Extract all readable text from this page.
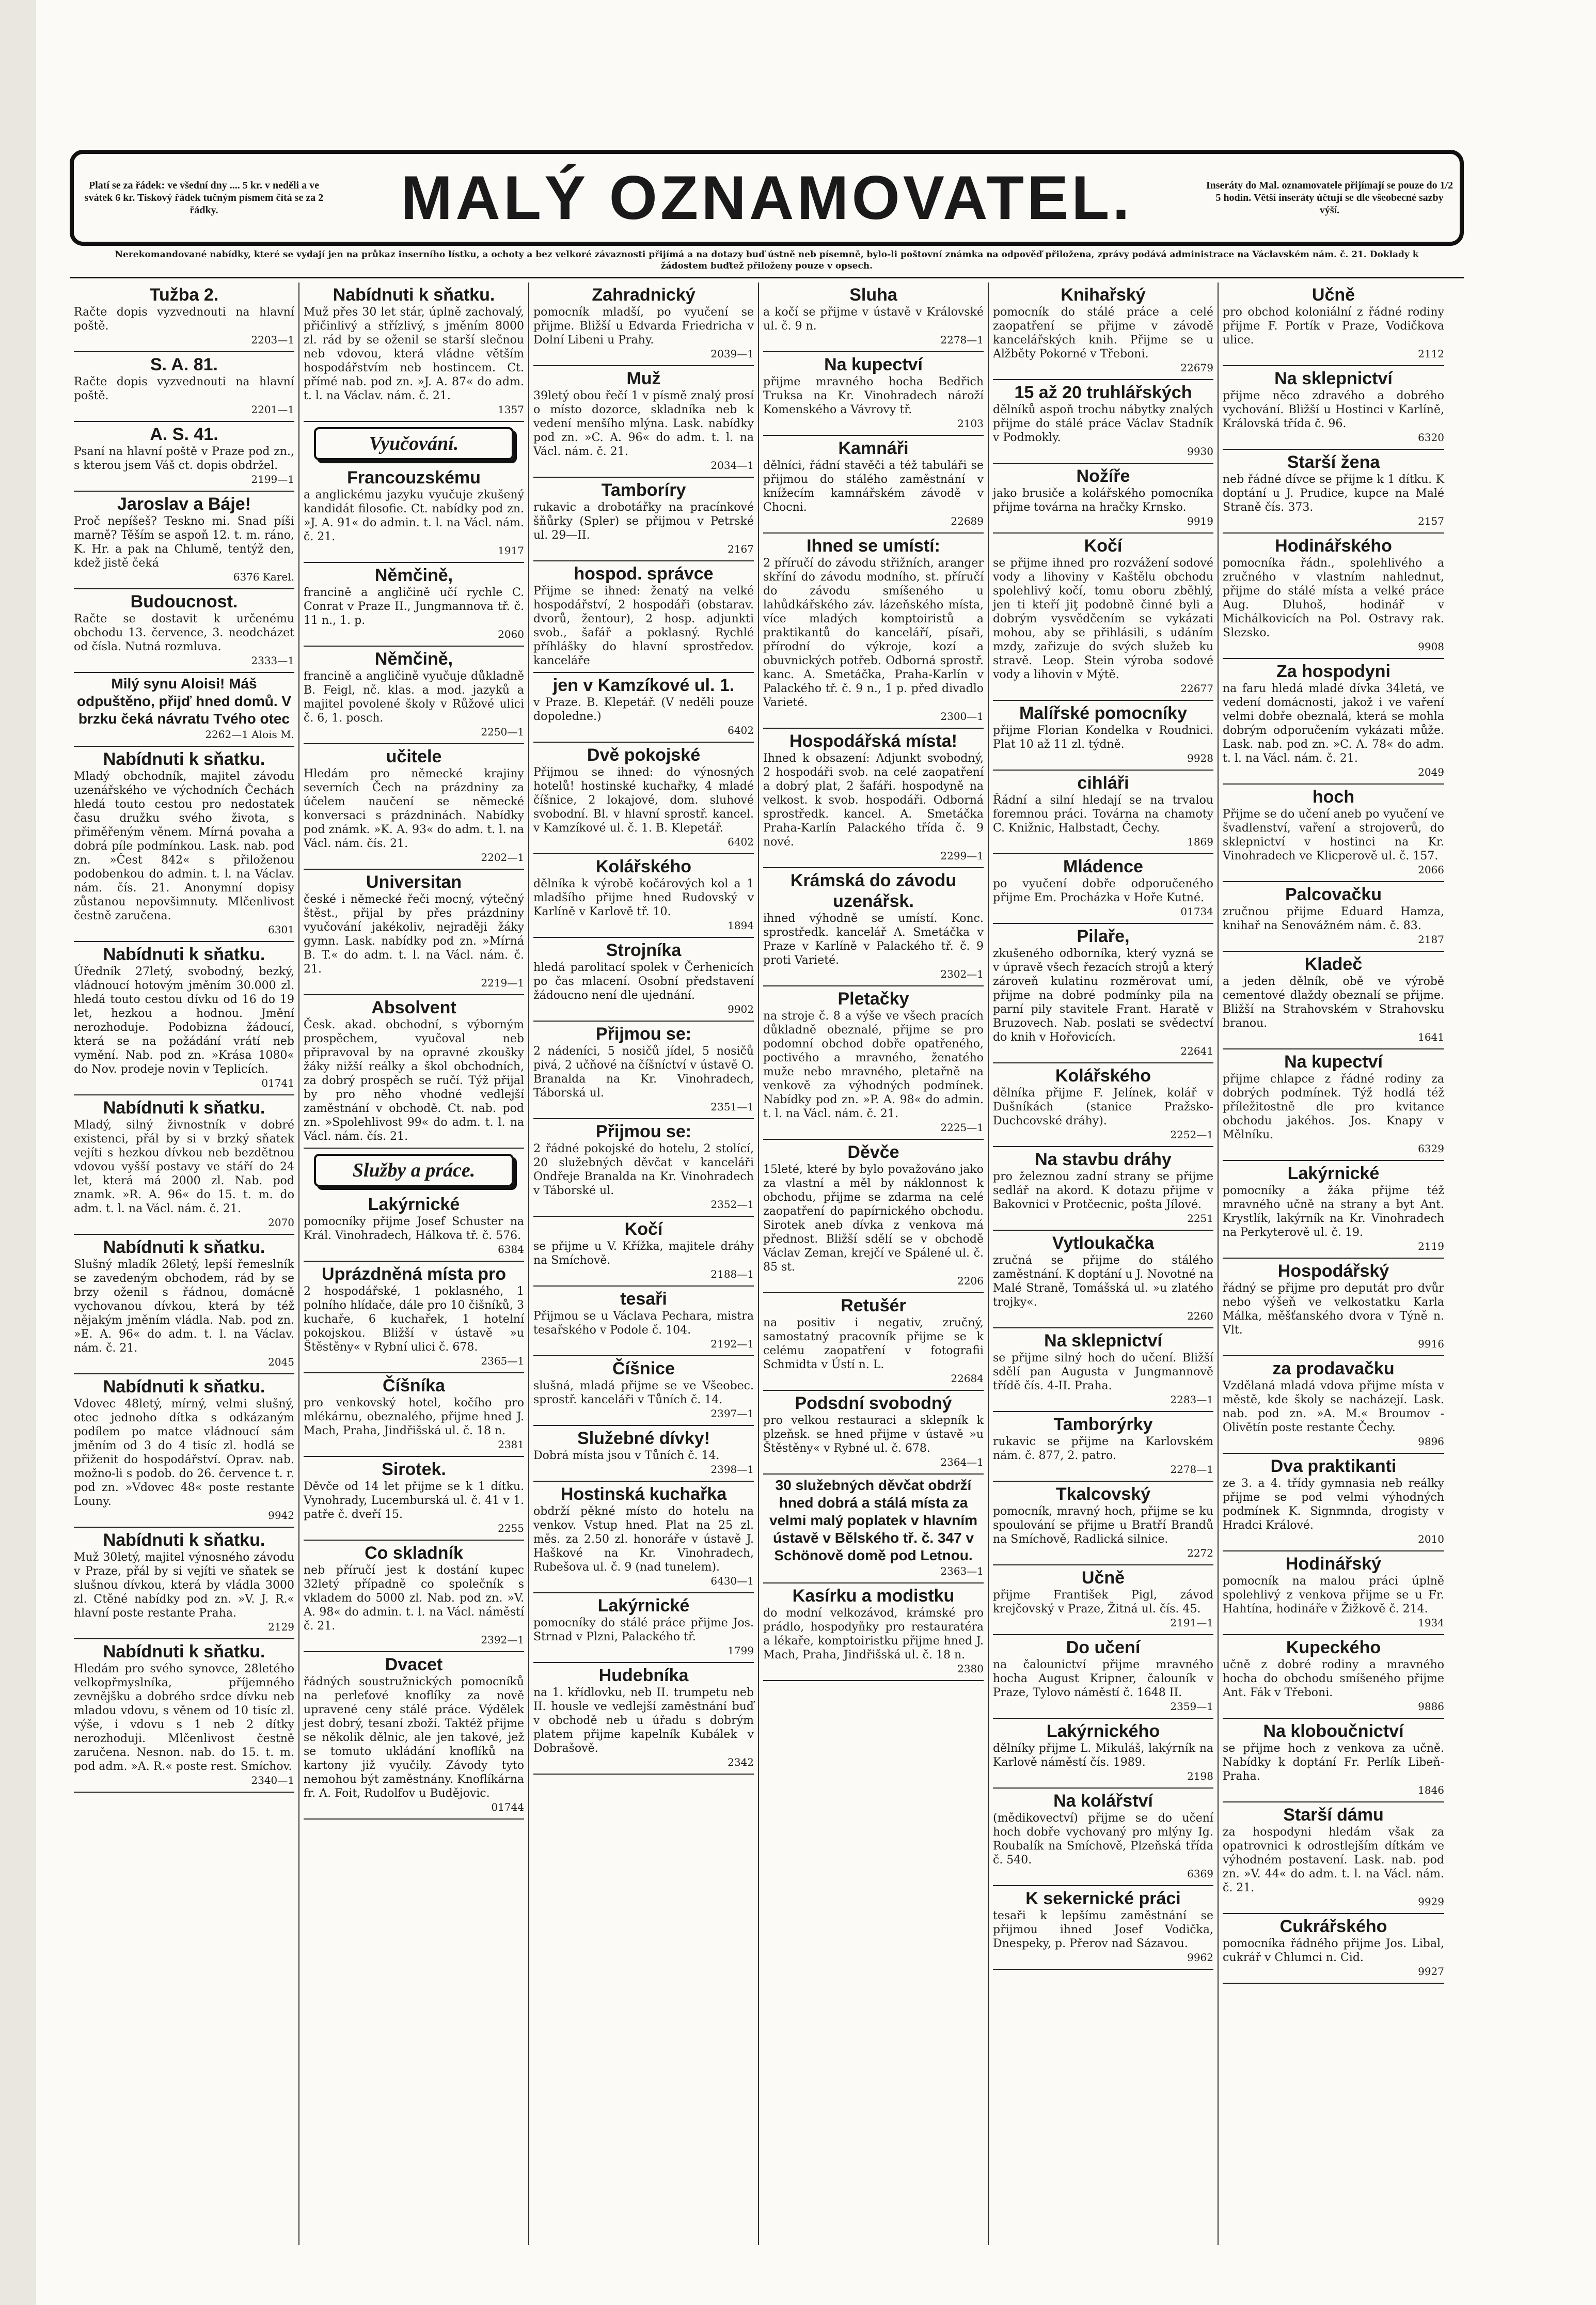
Platí se za řádek: ve všední dny .... 5 kr. v neděli a ve svátek 6 kr. Tiskový řádek tučným písmem čítá se za 2 řádky.	MALÝ OZNAMOVATEL.	Inseráty do Mal. oznamovatele přijímají se pouze do 1/2 5 hodin. Větší inseráty účtují se dle všeobecné sazby výší.
Nerekomandované nabídky, které se vydají jen na průkaz inserního lístku, a ochoty a bez velkoré závaznosti přijímá a na dotazy buď ústně neb písemně, bylo-li poštovní známka na odpověď přiložena, zprávy podává administrace na Václavském nám. č. 21. Doklady k žádostem buďtež přiloženy pouze v opsech.
Tužba 2.
Račte dopis vyzvednouti na hlavní poště.
2203—1
S. A. 81.
Račte dopis vyzvednouti na hlavní poště.
2201—1
A. S. 41.
Psaní na hlavní poště v Praze pod zn., s kterou jsem Váš ct. dopis obdržel.
2199—1
Jaroslav a Báje!
Proč nepíšeš? Teskno mi. Snad píši marně? Těším se aspoň 12. t. m. ráno, K. Hr. a pak na Chlumě, tentýž den, kdež jistě čeká
6376 Karel.
Budoucnost.
Račte se dostavit k určenému obchodu 13. července, 3. neodcházet od čísla. Nutná rozmluva.
2333—1
Milý synu Aloisi! Máš odpuštěno, přijď hned domů. V brzku čeká návratu Tvého otec
2262—1 Alois M.
Nabídnuti k sňatku.
Mladý obchodník, majitel závodu uzenářského ve východních Čechách hledá touto cestou pro nedostatek času družku svého života, s přiměřeným věnem. Mírná povaha a dobrá píle podmínkou. Lask. nab. pod zn. »Čest 842« s přiloženou podobenkou do admin. t. l. na Václav. nám. čís. 21. Anonymní dopisy zůstanou nepovšimnuty. Mlčenlivost čestně zaručena.
6301
Nabídnuti k sňatku.
Úředník 27letý, svobodný, bezký, vládnoucí hotovým jměním 30.000 zl. hledá touto cestou dívku od 16 do 19 let, hezkou a hodnou. Jmění nerozhoduje. Podobizna žádoucí, která se na požádání vrátí neb vymění. Nab. pod zn. »Krása 1080« do Nov. prodeje novin v Teplicích.
01741
Nabídnuti k sňatku.
Mladý, silný živnostník v dobré existenci, přál by si v brzký sňatek vejíti s hezkou dívkou neb bezdětnou vdovou vyšší postavy ve stáří do 24 let, která má 2000 zl. Nab. pod znamk. »R. A. 96« do 15. t. m. do adm. t. l. na Václ. nám. č. 21.
2070
Nabídnuti k sňatku.
Slušný mladík 26letý, lepší řemeslník se zavedeným obchodem, rád by se brzy oženil s řádnou, domácně vychovanou dívkou, která by též nějakým jměním vládla. Nab. pod zn. »E. A. 96« do adm. t. l. na Václav. nám. č. 21.
2045
Nabídnuti k sňatku.
Vdovec 48letý, mírný, velmi slušný, otec jednoho dítka s odkázaným podílem po matce vládnoucí sám jměním od 3 do 4 tisíc zl. hodlá se přiženit do hospodářství. Oprav. nab. možno-li s podob. do 26. července t. r. pod zn. »Vdovec 48« poste restante Louny.
9942
Nabídnuti k sňatku.
Muž 30letý, majitel výnosného závodu v Praze, přál by si vejíti ve sňatek se slušnou dívkou, která by vládla 3000 zl. Ctěné nabídky pod zn. »V. J. R.« hlavní poste restante Praha.
2129
Nabídnuti k sňatku.
Hledám pro svého synovce, 28letého velkopřmyslníka, příjemného zevnějšku a dobrého srdce dívku neb mladou vdovu, s věnem od 10 tisíc zl. výše, i vdovu s 1 neb 2 dítky nerozhoduji. Mlčenlivost čestně zaručena. Nesnon. nab. do 15. t. m. pod adm. »A. R.« poste rest. Smíchov.
2340—1
Nabídnuti k sňatku.
Muž přes 30 let stár, úplně zachovalý, přičinlivý a střízlivý, s jměním 8000 zl. rád by se oženil se starší slečnou neb vdovou, která vládne větším hospodářstvím neb hostincem. Ct. přímé nab. pod zn. »J. A. 87« do adm. t. l. na Václav. nám. č. 21.
1357
Vyučování.
Francouzskému
a anglickému jazyku vyučuje zkušený kandidát filosofie. Ct. nabídky pod zn. »J. A. 91« do admin. t. l. na Václ. nám. č. 21.
1917
Němčině,
francině a angličině učí rychle C. Conrat v Praze II., Jungmannova tř. č. 11 n., 1. p.
2060
Němčině,
francině a angličině vyučuje důkladně B. Feigl, nč. klas. a mod. jazyků a majitel povolené školy v Růžové ulici č. 6, 1. posch.
2250—1
učitele
Hledám pro německé krajiny severních Čech na prázdniny za účelem naučení se německé konversaci s prázdninách. Nabídky pod známk. »K. A. 93« do adm. t. l. na Václ. nám. čís. 21.
2202—1
Universitan
české i německé řeči mocný, výtečný štěst., přijal by přes prázdniny vyučování jakékoliv, nejraději žáky gymn. Lask. nabídky pod zn. »Mírná B. T.« do adm. t. l. na Václ. nám. č. 21.
2219—1
Absolvent
Česk. akad. obchodní, s výborným prospěchem, vyučoval neb připravoval by na opravné zkoušky žáky nižší reálky a škol obchodních, za dobrý prospěch se ručí. Týž přijal by pro něho vhodné vedlejší zaměstnání v obchodě. Ct. nab. pod zn. »Spolehlivost 99« do adm. t. l. na Václ. nám. čís. 21.
Služby a práce.
Lakýrnické
pomocníky přijme Josef Schuster na Král. Vinohradech, Hálkova tř. č. 576.
6384
Uprázdněná místa pro
2 hospodářské, 1 poklasného, 1 polního hlídače, dále pro 10 čišníků, 3 kuchaře, 6 kuchařek, 1 hotelní pokojskou. Bližší v ústavě »u Štěstěny« v Rybní ulici č. 678.
2365—1
Číšníka
pro venkovský hotel, kočího pro mlékárnu, obeznalého, přijme hned J. Mach, Praha, Jindřišská ul. č. 18 n.
2381
Sirotek.
Děvče od 14 let přijme se k 1 dítku. Vynohrady, Lucemburská ul. č. 41 v 1. patře č. dveří 15.
2255
Co skladník
neb příručí jest k dostání kupec 32letý případně co společník s vkladem do 5000 zl. Nab. pod zn. »V. A. 98« do admin. t. l. na Václ. náměstí č. 21.
2392—1
Dvacet
řádných soustružnických pomocníků na perleťové knoflíky za nově upravené ceny stálé práce. Výdělek jest dobrý, tesaní zboží. Taktéž přijme se několik dělnic, ale jen takové, jež se tomuto ukládání knoflíků na kartony již vyučily. Závody tyto nemohou být zaměstnány. Knoflíkárna fr. A. Foit, Rudolfov u Budějovic.
01744
Zahradnický
pomocník mladší, po vyučení se přijme. Bližší u Edvarda Friedricha v Dolní Libeni u Prahy.
2039—1
Muž
39letý obou řečí 1 v písmě znalý prosí o místo dozorce, skladníka neb k vedení menšího mlýna. Lask. nabídky pod zn. »C. A. 96« do adm. t. l. na Václ. nám. č. 21.
2034—1
Tamboríry
rukavic a drobotářky na pracínkové šňůrky (Spler) se přijmou v Petrské ul. 29—II.
2167
hospod. správce
Přijme se ihned: ženatý na velké hospodářství, 2 hospodáři (obstarav. dvorů, žentour), 2 hosp. adjunkti svob., šafář a poklasný. Rychlé příhlášky do hlavní sprostředov. kanceláře
jen v Kamzíkové ul. 1.
v Praze. B. Klepetář. (V neděli pouze dopoledne.)
6402
Dvě pokojské
Přijmou se ihned: do výnosných hotelů! hostinské kuchařky, 4 mladé číšnice, 2 lokajové, dom. sluhové svobodní. Bl. v hlavní sprostř. kancel. v Kamzíkové ul. č. 1. B. Klepetář.
6402
Kolářského
dělníka k výrobě kočárových kol a 1 mladšího přijme hned Rudovský v Karlíně v Karlově tř. 10.
1894
Strojníka
hledá parolitací spolek v Čerhenicích po čas mlacení. Osobní představení žádoucno není dle ujednání.
9902
Přijmou se:
2 nádeníci, 5 nosičů jídel, 5 nosičů pivá, 2 učňové na číšníctví v ústavě O. Branalda na Kr. Vinohradech, Táborská ul.
2351—1
Přijmou se:
2 řádné pokojské do hotelu, 2 stolící, 20 služebných děvčat v kanceláři Ondřeje Branalda na Kr. Vinohradech v Táborské ul.
2352—1
Kočí
se přijme u V. Křížka, majitele dráhy na Smíchově.
2188—1
tesaři
Přijmou se u Václava Pechara, mistra tesařského v Podole č. 104.
2192—1
Číšnice
slušná, mladá přijme se ve Všeobec. sprostř. kanceláři v Tůních č. 14.
2397—1
Služebné dívky!
Dobrá místa jsou v Tůních č. 14.
2398—1
Hostinská kuchařka
obdrží pěkné místo do hotelu na venkov. Vstup hned. Plat na 25 zl. měs. za 2.50 zl. honoráře v ústavě J. Haškové na Kr. Vinohradech, Rubešova ul. č. 9 (nad tunelem).
6430—1
Lakýrnické
pomocníky do stálé práce přijme Jos. Strnad v Plzni, Palackého tř.
1799
Hudebníka
na 1. křídlovku, neb II. trumpetu neb II. housle ve vedlejší zaměstnání buď v obchodě neb u úřadu s dobrým platem přijme kapelník Kubálek v Dobrašově.
2342
Sluha
a kočí se přijme v ústavě v Královské ul. č. 9 n.
2278—1
Na kupectví
přijme mravného hocha Bedřich Truksa na Kr. Vinohradech nároží Komenského a Vávrovy tř.
2103
Kamnáři
dělníci, řádní stavěči a též tabuláři se přijmou do stálého zaměstnání v knížecím kamnářském závodě v Chocni.
22689
Ihned se umístí:
2 příručí do závodu střižních, aranger skříní do závodu modního, st. příručí do závodu smíšeného u lahůdkářského záv. lázeňského místa, více mladých komptoiristů a praktikantů do kanceláří, písaři, přírodní do výkroje, kozí a obuvnických potřeb. Odborná sprostř. kanc. A. Smetáčka, Praha-Karlín v Palackého tř. č. 9 n., 1 p. před divadlo Varieté.
2300—1
Hospodářská místa!
Ihned k obsazení: Adjunkt svobodný, 2 hospodáři svob. na celé zaopatření a dobrý plat, 2 šafáři. hospodyně na velkost. k svob. hospodáři. Odborná sprostředk. kancel. A. Smetáčka Praha-Karlín Palackého třída č. 9 nové.
2299—1
Krámská do závodu uzenářsk.
ihned výhodně se umístí. Konc. sprostředk. kancelář A. Smetáčka v Praze v Karlíně v Palackého tř. č. 9 proti Varieté.
2302—1
Pletačky
na stroje č. 8 a výše ve všech pracích důkladně obeznalé, přijme se pro podomní obchod dobře opatřeného, poctivého a mravného, ženatého muže nebo mravného, pletařně na venkově za výhodných podmínek. Nabídky pod zn. »P. A. 98« do admin. t. l. na Václ. nám. č. 21.
2225—1
Děvče
15leté, které by bylo považováno jako za vlastní a měl by náklonnost k obchodu, přijme se zdarma na celé zaopatření do papírnického obchodu. Sirotek aneb dívka z venkova má přednost. Bližší sdělí se v obchodě Václav Zeman, krejčí ve Spálené ul. č. 85 st.
2206
Retušér
na positiv i negativ, zručný, samostatný pracovník přijme se k celému zaopatření v fotografii Schmidta v Ústí n. L.
22684
Podsdní svobodný
pro velkou restauraci a sklepník k plzeňsk. se hned přijme v ústavě »u Štěstěny« v Rybné ul. č. 678.
2364—1
30 služebných děvčat obdrží hned dobrá a stálá místa za velmi malý poplatek v hlavním ústavě v Bělského tř. č. 347 v Schönově domě pod Letnou.
2363—1
Kasírku a modistku
do modní velkozávod, krámské pro prádlo, hospodyňky pro restauratéra a lékaře, komptoiristku přijme hned J. Mach, Praha, Jindřišská ul. č. 18 n.
2380
Knihařský
pomocník do stálé práce a celé zaopatření se přijme v závodě kancelářských knih. Přijme se u Alžběty Pokorné v Třeboni.
22679
15 až 20 truhlářských
dělníků aspoň trochu nábytky znalých přijme do stálé práce Václav Stadník v Podmokly.
9930
Nožíře
jako brusiče a kolářského pomocníka přijme továrna na hračky Krnsko.
9919
Kočí
se přijme ihned pro rozvážení sodové vody a lihoviny v Kaštělu obchodu spolehlivý kočí, tomu oboru zběhlý, jen ti kteří jiţ podobně činné byli a dobrým vysvědčením se vykázati mohou, aby se přihlásili, s udáním mzdy, zařizuje do svých služeb ku stravě. Leop. Stein výroba sodové vody a lihovin v Mýtě.
22677
Malířské pomocníky
přijme Florian Kondelka v Roudnici. Plat 10 až 11 zl. týdně.
9928
cihláři
Řádní a silní hledají se na trvalou foremnou práci. Továrna na chamoty C. Knižnic, Halbstadt, Čechy.
1869
Mládence
po vyučení dobře odporučeného přijme Em. Procházka v Hoře Kutné.
01734
Pilaře,
zkušeného odborníka, který vyzná se v úpravě všech řezacích strojů a který zároveň kulatinu rozměrovat umí, přijme na dobré podmínky pila na parní pily stavitele Frant. Haratě v Bruzovech. Nab. poslati se svědectví do knih v Hořovicích.
22641
Kolářského
dělníka přijme F. Jelínek, kolář v Dušníkách (stanice Pražsko-Duchcovské dráhy).
2252—1
Na stavbu dráhy
pro železnou zadní strany se přijme sedlář na akord. K dotazu přijme v Bakovnici v Protčecnic, pošta Jílové.
2251
Vytloukačka
zručná se přijme do stálého zaměstnání. K doptání u J. Novotné na Malé Straně, Tomášská ul. »u zlatého trojky«.
2260
Na sklepnictví
se přijme silný hoch do učení. Bližší sdělí pan Augusta v Jungmannově třídě čís. 4-II. Praha.
2283—1
Tamborýrky
rukavic se přijme na Karlovském nám. č. 877, 2. patro.
2278—1
Tkalcovský
pomocník, mravný hoch, přijme se ku spoulování se přijme u Bratří Brandů na Smíchově, Radlická silnice.
2272
Učně
přijme František Pigl, závod krejčovský v Praze, Žitná ul. čís. 45.
2191—1
Do učení
na čalounictví přijme mravného hocha August Kripner, čalouník v Praze, Tylovo náměstí č. 1648 II.
2359—1
Lakýrnického
dělníky přijme L. Mikuláš, lakýrník na Karlově náměstí čís. 1989.
2198
Na kolářství
(mědikovectví) přijme se do učení hoch dobře vychovaný pro mlýny Ig. Roubalík na Smíchově, Plzeňská třída č. 540.
6369
K sekernické práci
tesaři k lepšímu zaměstnání se přijmou ihned Josef Vodička, Dnespeky, p. Přerov nad Sázavou.
9962
Učně
pro obchod koloniální z řádné rodiny přijme F. Portík v Praze, Vodičkova ulice.
2112
Na sklepnictví
přijme něco zdravého a dobrého vychování. Bližší u Hostinci v Karlíně, Královská třída č. 96.
6320
Starší žena
neb řádné dívce se přijme k 1 dítku. K doptání u J. Prudice, kupce na Malé Straně čís. 373.
2157
Hodinářského
pomocníka řádn., spolehlivého a zručného v vlastním nahlednut, přijme do stálé místa a velké práce Aug. Dluhoš, hodinář v Michálkovicích na Pol. Ostravy rak. Slezsko.
9908
Za hospodyni
na faru hledá mladé dívka 34letá, ve vedení domácnosti, jakož i ve vaření velmi dobře obeznalá, která se mohla dobrým odporučením vykázati může. Lask. nab. pod zn. »C. A. 78« do adm. t. l. na Václ. nám. č. 21.
2049
hoch
Přijme se do učení aneb po vyučení ve švadlenství, vaření a strojoverů, do sklepnictví v hostinci na Kr. Vinohradech ve Klicperově ul. č. 157.
2066
Palcovačku
zručnou přijme Eduard Hamza, knihař na Senovážném nám. č. 83.
2187
Kladeč
a jeden dělník, obě ve výrobě cementové dlaždy obeznalí se přijme. Bližší na Strahovském v Strahovsku branou.
1641
Na kupectví
přijme chlapce z řádné rodiny za dobrých podmínek. Týž hodlá též příležitostně dle pro kvitance obchodu jakéhos. Jos. Knapy v Mělníku.
6329
Lakýrnické
pomocníky a žáka přijme též mravného učně na strany a byt Ant. Krystlík, lakýrník na Kr. Vinohradech na Perkyterově ul. č. 19.
2119
Hospodářský
řádný se přijme pro deputát pro dvůr nebo výšeň ve velkostatku Karla Málka, měšťanského dvora v Týně n. Vlt.
9916
za prodavačku
Vzdělaná mladá vdova přijme místa v městě, kde školy se nacházejí. Lask. nab. pod zn. »A. M.« Broumov - Olivětín poste restante Čechy.
9896
Dva praktikanti
ze 3. a 4. třídy gymnasia neb reálky přijme se pod velmi výhodných podmínek K. Signmnda, drogisty v Hradci Králové.
2010
Hodinářský
pomocník na malou práci úplně spolehlivý z venkova přijme se u Fr. Hahtína, hodináře v Žižkově č. 214.
1934
Kupeckého
učně z dobré rodiny a mravného hocha do obchodu smíšeného přijme Ant. Fák v Třeboni.
9886
Na kloboučnictví
se přijme hoch z venkova za učně. Nabídky k doptání Fr. Perlík Libeň-Praha.
1846
Starší dámu
za hospodyni hledám však za opatrovnici k odrostlejším dítkám ve výhodném postavení. Lask. nab. pod zn. »V. 44« do adm. t. l. na Václ. nám. č. 21.
9929
Cukrářského
pomocníka řádného přijme Jos. Libal, cukrář v Chlumci n. Cid.
9927
